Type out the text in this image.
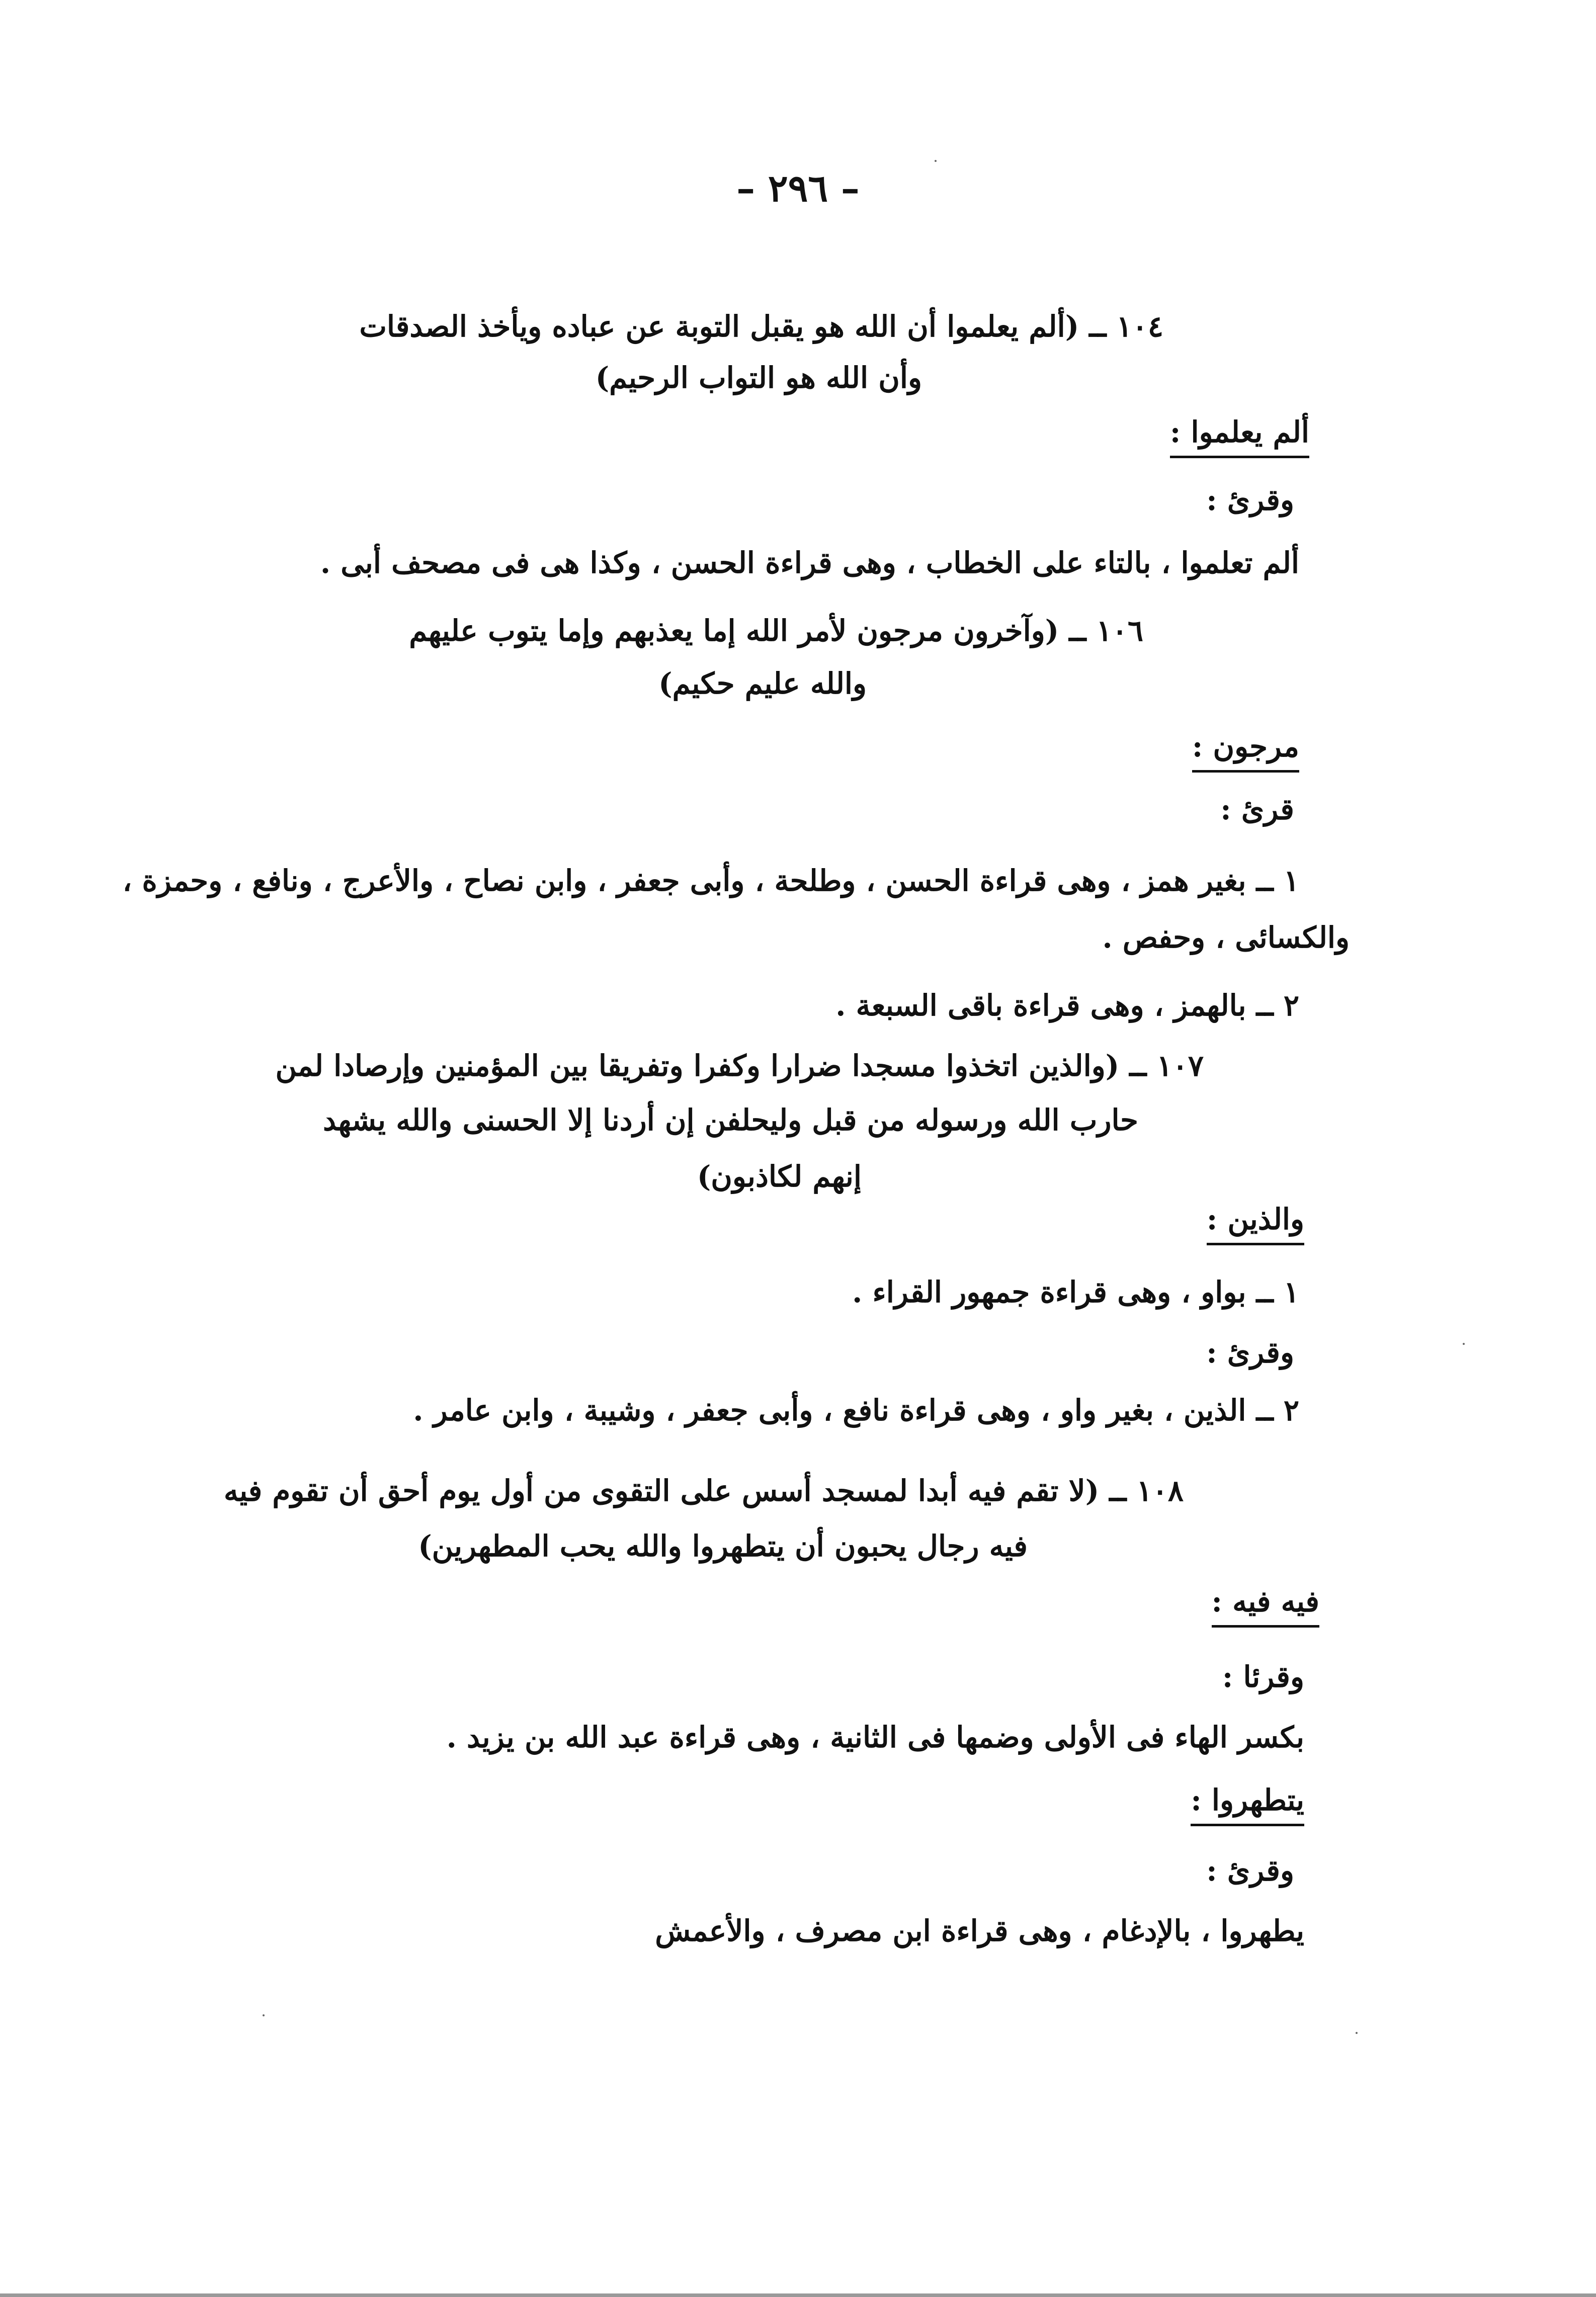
– ٢٩٦ –
١٠٤ ــ (ألم يعلموا أن الله هو يقبل التوبة عن عباده ويأخذ الصدقات
وأن الله هو التواب الرحيم)
ألم يعلموا :
وقرئ :
ألم تعلموا ، بالتاء على الخطاب ، وهى قراءة الحسن ، وكذا هى فى مصحف أبى .
١٠٦ ــ (وآخرون مرجون لأمر الله إما يعذبهم وإما يتوب عليهم
والله عليم حكيم)
مرجون :
قرئ :
١ ــ بغير همز ، وهى قراءة الحسن ، وطلحة ، وأبى جعفر ، وابن نصاح ، والأعرج ، ونافع ، وحمزة ،
والكسائى ، وحفص .
٢ ــ بالهمز ، وهى قراءة باقى السبعة .
١٠٧ ــ (والذين اتخذوا مسجدا ضرارا وكفرا وتفريقا بين المؤمنين وإرصادا لمن
حارب الله ورسوله من قبل وليحلفن إن أردنا إلا الحسنى والله يشهد
إنهم لكاذبون)
والذين :
١ ــ بواو ، وهى قراءة جمهور القراء .
وقرئ :
٢ ــ الذين ، بغير واو ، وهى قراءة نافع ، وأبى جعفر ، وشيبة ، وابن عامر .
١٠٨ ــ (لا تقم فيه أبدا لمسجد أسس على التقوى من أول يوم أحق أن تقوم فيه
فيه رجال يحبون أن يتطهروا والله يحب المطهرين)
فيه فيه :
وقرئا :
بكسر الهاء فى الأولى وضمها فى الثانية ، وهى قراءة عبد الله بن يزيد .
يتطهروا :
وقرئ :
يطهروا ، بالإدغام ، وهى قراءة ابن مصرف ، والأعمش
